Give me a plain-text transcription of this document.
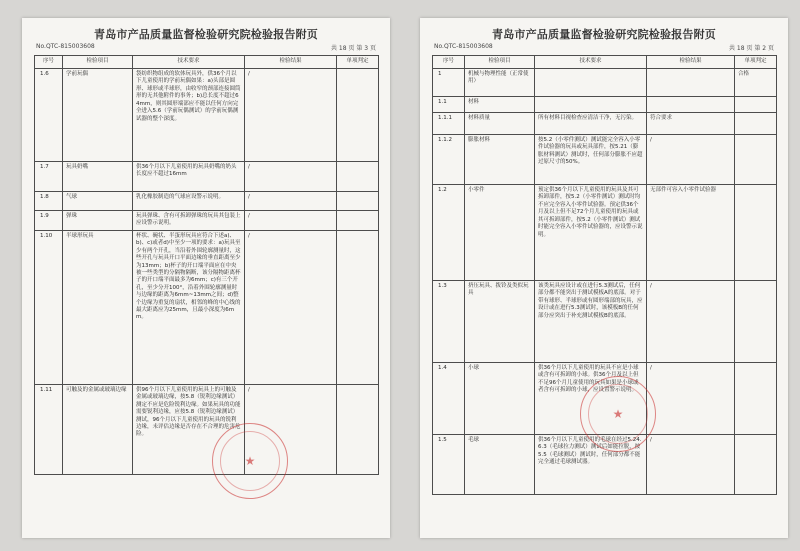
青岛市产品质量监督检验研究院检验报告附页
No.QTC-815003608	共 18 页 第 3 页
序号	检验项目	技术要求	检验结果	单项判定
1.6	学前玩偶	袋纺织物组成的软体玩具外，供36个月以下儿童使用的学前玩偶如果：a)头部是圆形、球形或半球形，由收窄的颈部连接圆筒形的无其他附件的事务；b)总长度不超过64mm，则其圆形端部应不能以任何方向完全进入5.6（学前玩偶测试）的学前玩偶测试器的整个深度。	/	
1.7	玩具奶嘴	供36个月以下儿童使用的玩具奶嘴的奶头长度应不超过16mm	/	
1.8	气球	乳化橡胶制造的气球应设警示说明。	/	
1.9	弹珠	玩具弹珠、含有可拆卸弹珠的玩具其包装上应设警示说明。	/	
1.10	半球形玩具	杯状、碗状、半蛋形玩具应符合下述a)、b)、c)或者d)中至少一项的要求：a)玩具至少有两个开孔，当沿着外围轮廓测量时，这些开孔与玩具开口平面边缘的垂直距离至少为13mm；b)杯子的开口端平面应在中央被一些类型的分隔物隔断，该分隔物距离杯子的开口端平面最多为6mm；c)有三个开孔，至少分开100°，沿着外围轮廓测量时与边缘的距离为6mm~13mm之间；d)整个边缘为重复的扇状，相邻的峰的中心线的最大距离应为25mm，且最小深度为6mm。	/	
1.11	可触及的金属或玻璃边缘	供96个月以下儿童使用的玩具上的可触及金属或玻璃边缘，按5.8（锐利边缘测试）测定不应是危险锐利边缘。如果玩具的功能需要锐利边缘，应按5.8（锐利边缘测试）测试，96个月以下儿童使用的玩具的锐利边缘，未评估边缘是否存在不合理的危害危险。	/	
★
青岛市产品质量监督检验研究院检验报告附页
No.QTC-815003608	共 18 页 第 2 页
序号	检验项目	技术要求	检验结果	单项判定
1	机械与物理性能（正常使用）			合格
1.1	材料			
1.1.1	材料质量	所有材料目视检查应清洁干净，无污染。	符合要求	
1.1.2	膨胀材料	按5.2（小零件测试）测试能完全容入小零件试验器的玩具或玩具部件，按5.21（膨胀材料测试）测试时，任何部分膨胀不应超过原尺寸的50%。	/	
1.2	小零件	预定供36个月以下儿童使用的玩具及其可拆卸部件，按5.2（小零件测试）测试时均不应完全容入小零件试验器。预定供36个月及以上但不足72个月儿童使用的玩具或其可拆卸部件，按5.2（小零件测试）测试时能完全容入小零件试验器的，应设警示说明。	无部件可容入小零件试验器	
1.3	挤压玩具、拨铃及类似玩具	该类玩具应设计或在进行5.3测试后，任何部分都不能突出于测试模板A的底部。对于带有球形、半球形或有圆形端部的玩具，应设计或在进行5.3测试时，该模板B的任何部分应突出于补充测试模板B的底部。	/	
1.4	小球	供36个月以下儿童使用的玩具不应是小球或含有可拆卸的小球。供36个月及以上但不足96个月儿童使用的玩具如果是小球或者含有可拆卸的小球，应设置警示说明。	/	
1.5	毛球	供36个月以下儿童使用的毛球在经过5.24.6.3（毛球拉力测试）测试后如能拉脱，按5.5（毛球测试）测试时，任何部分都不能完全通过毛球测试器。	/	
★
